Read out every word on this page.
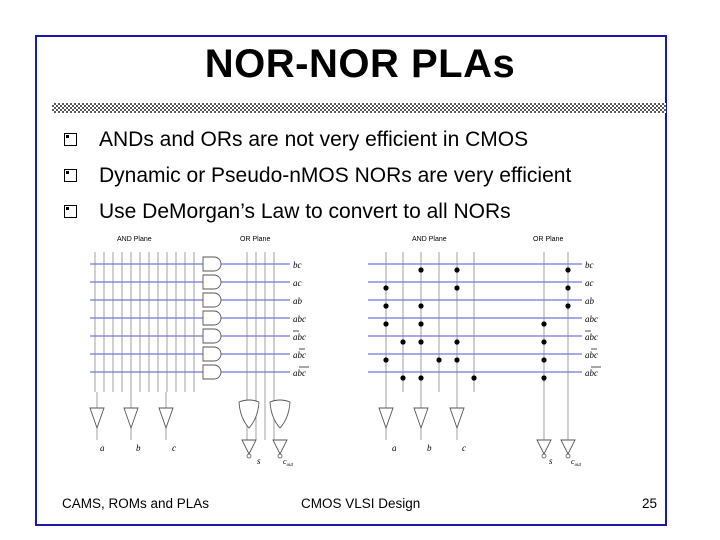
NOR-NOR PLAs
ANDs and ORs are not very efficient in CMOS
Dynamic or Pseudo-nMOS NORs are very efficient
Use DeMorgan’s Law to convert to all NORs
AND Plane	OR Plane
bc
ac
ab
abc
abc
abc
abc
a	b	c
s	$c_{out}$
AND Plane	OR Plane
bc
ac
ab
abc
abc
abc
abc
a	b	c
s $c_{out}$
CAMS, ROMs and PLAs	CMOS VLSI Design	25
